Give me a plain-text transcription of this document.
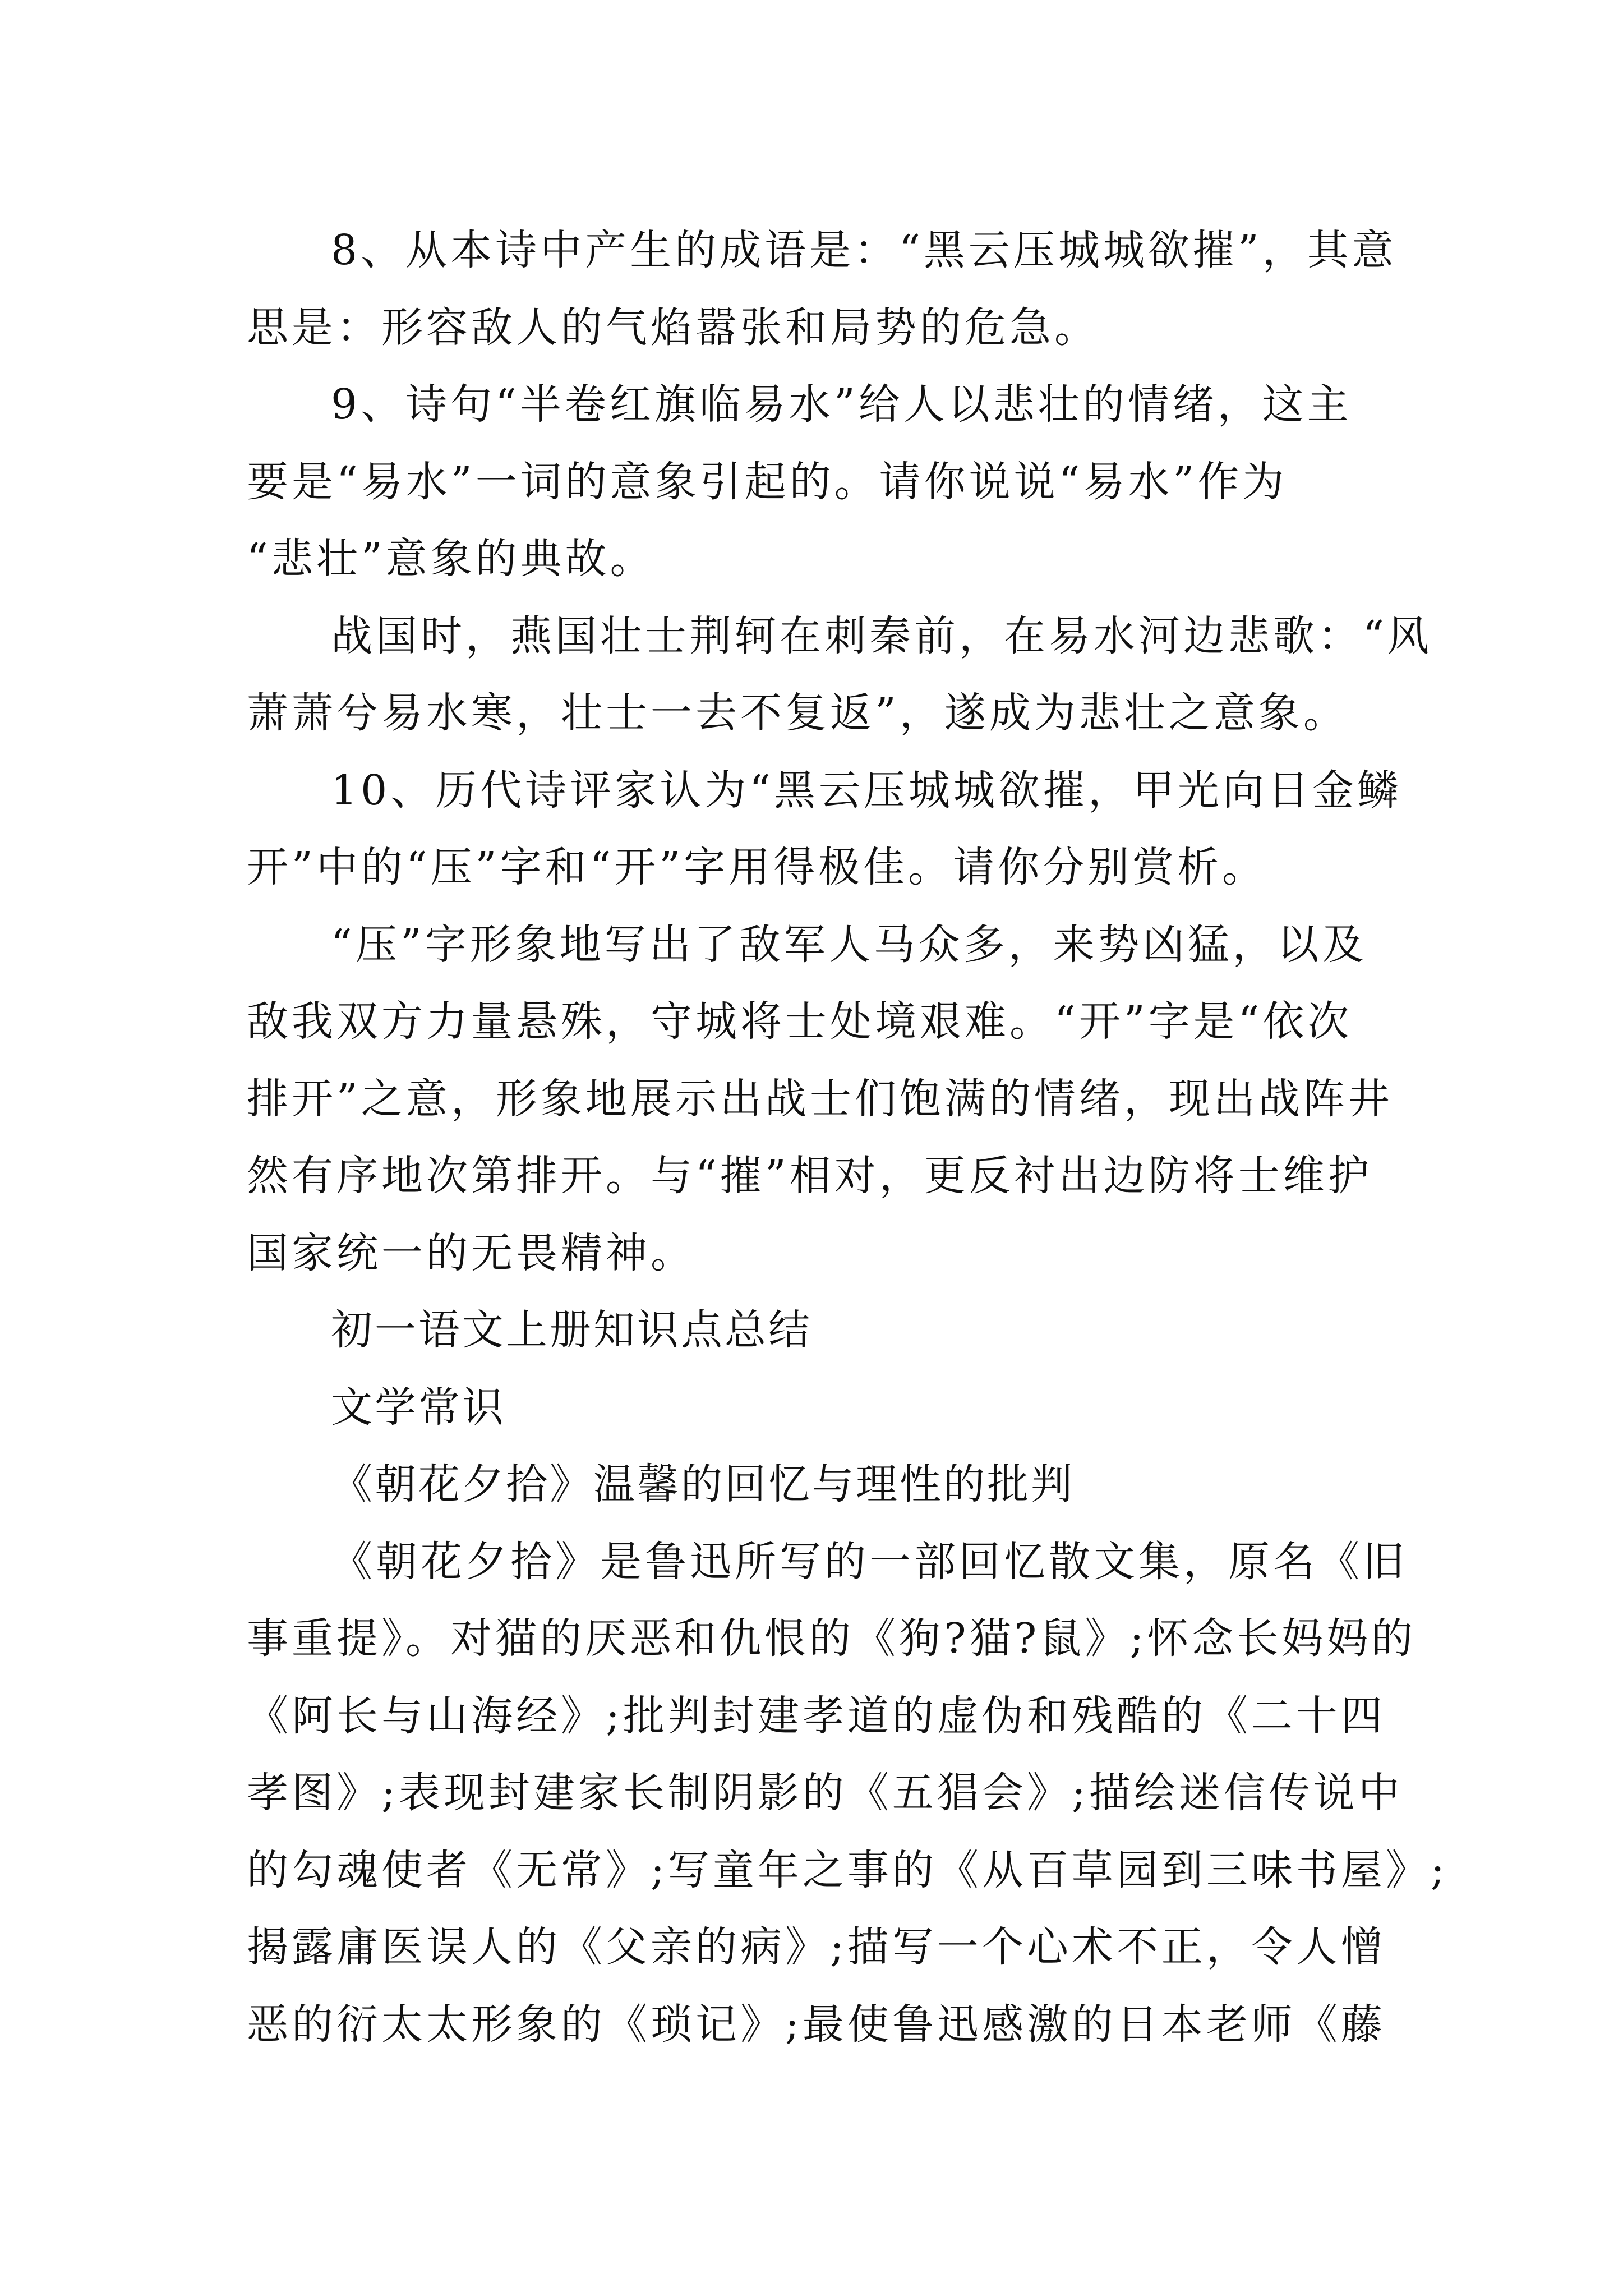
8、从本诗中产生的成语是：“黑云压城城欲摧”，其意
思是：形容敌人的气焰嚣张和局势的危急。
9、诗句“半卷红旗临易水”给人以悲壮的情绪，这主
要是“易水”一词的意象引起的。请你说说“易水”作为
“悲壮”意象的典故。
战国时，燕国壮士荆轲在刺秦前，在易水河边悲歌：“风
萧萧兮易水寒，壮士一去不复返”，遂成为悲壮之意象。
10、历代诗评家认为“黑云压城城欲摧，甲光向日金鳞
开”中的“压”字和“开”字用得极佳。请你分别赏析。
“压”字形象地写出了敌军人马众多，来势凶猛，以及
敌我双方力量悬殊，守城将士处境艰难。“开”字是“依次
排开”之意，形象地展示出战士们饱满的情绪，现出战阵井
然有序地次第排开。与“摧”相对，更反衬出边防将士维护
国家统一的无畏精神。
初一语文上册知识点总结
文学常识
《朝花夕拾》温馨的回忆与理性的批判
《朝花夕拾》是鲁迅所写的一部回忆散文集，原名《旧
事重提》。对猫的厌恶和仇恨的《狗?猫?鼠》;怀念长妈妈的
《阿长与山海经》;批判封建孝道的虚伪和残酷的《二十四
孝图》;表现封建家长制阴影的《五猖会》;描绘迷信传说中
的勾魂使者《无常》;写童年之事的《从百草园到三味书屋》;
揭露庸医误人的《父亲的病》;描写一个心术不正，令人憎
恶的衍太太形象的《琐记》;最使鲁迅感激的日本老师《藤
